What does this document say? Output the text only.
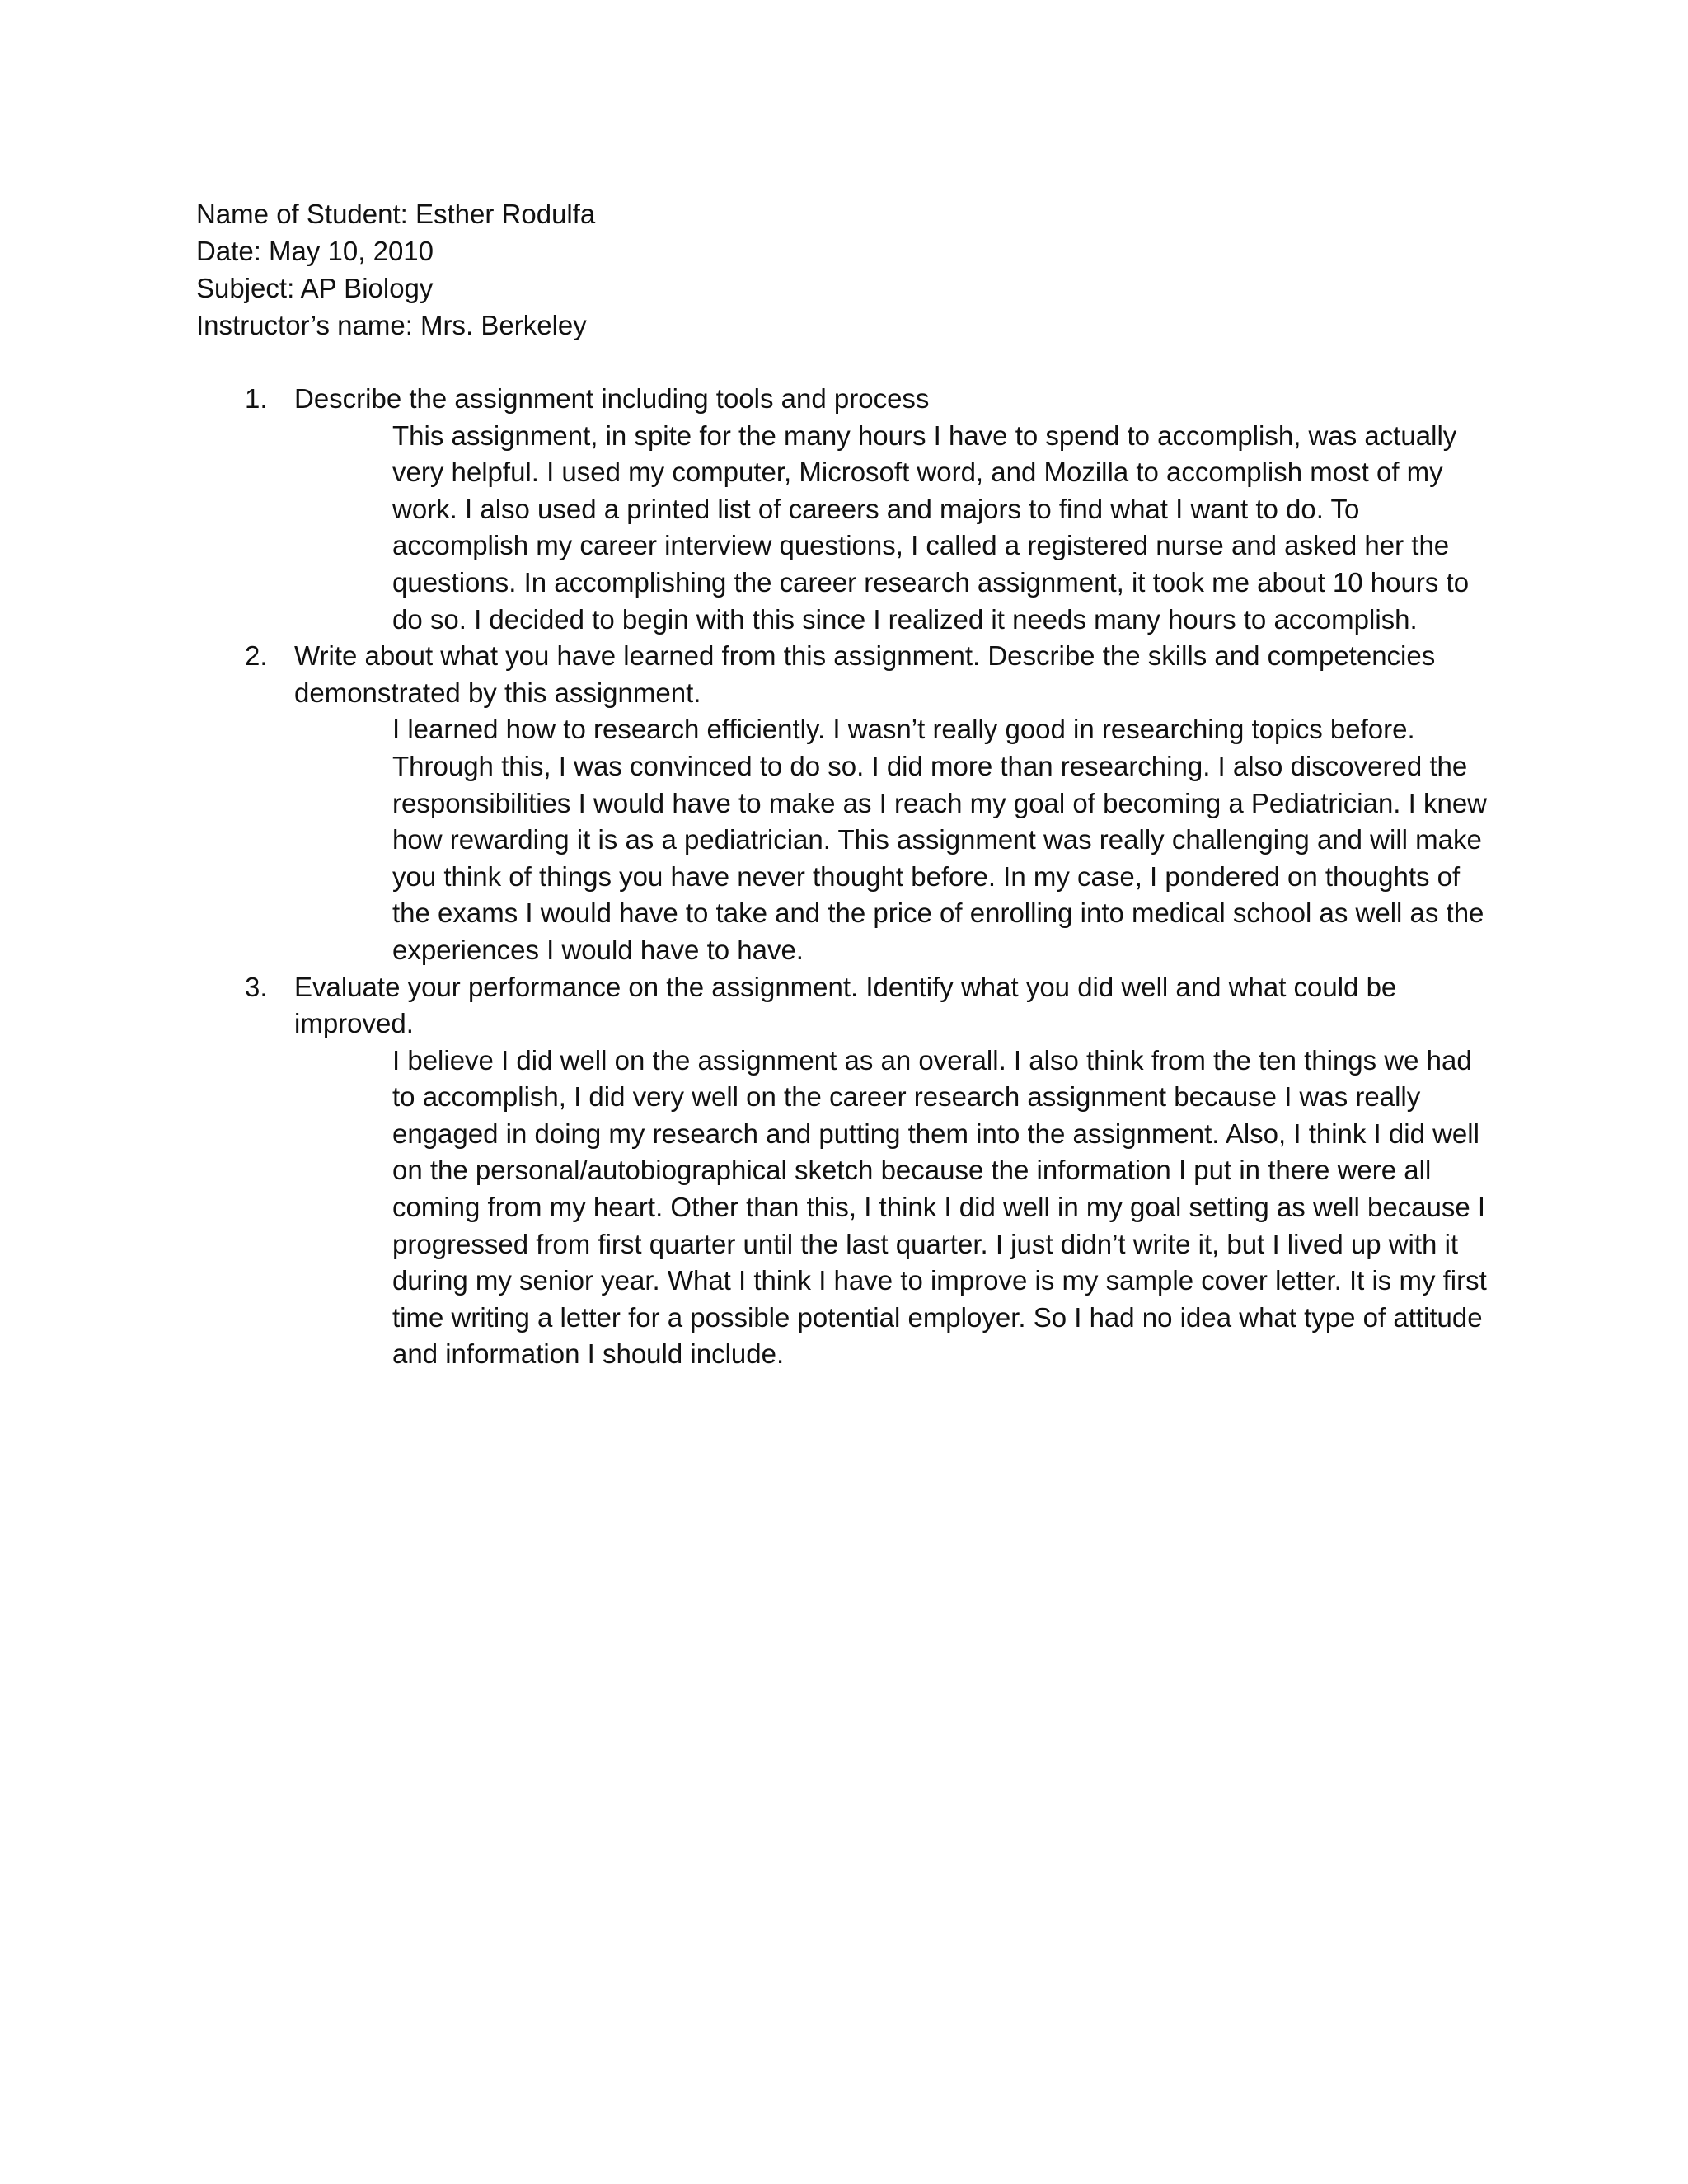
Name of Student: Esther Rodulfa
Date: May 10, 2010
Subject: AP Biology
Instructor’s name: Mrs. Berkeley
1. Describe the assignment including tools and process
This assignment, in spite for the many hours I have to spend to accomplish, was actually very helpful. I used my computer, Microsoft word, and Mozilla to accomplish most of my work. I also used a printed list of careers and majors to find what I want to do. To accomplish my career interview questions, I called a registered nurse and asked her the questions. In accomplishing the career research assignment, it took me about 10 hours to do so. I decided to begin with this since I realized it needs many hours to accomplish.
2. Write about what you have learned from this assignment. Describe the skills and competencies demonstrated by this assignment.
I learned how to research efficiently. I wasn’t really good in researching topics before. Through this, I was convinced to do so. I did more than researching. I also discovered the responsibilities I would have to make as I reach my goal of becoming a Pediatrician. I knew how rewarding it is as a pediatrician. This assignment was really challenging and will make you think of things you have never thought before. In my case, I pondered on thoughts of the exams I would have to take and the price of enrolling into medical school as well as the experiences I would have to have.
3. Evaluate your performance on the assignment. Identify what you did well and what could be improved.
I believe I did well on the assignment as an overall. I also think from the ten things we had to accomplish, I did very well on the career research assignment because I was really engaged in doing my research and putting them into the assignment. Also, I think I did well on the personal/autobiographical sketch because the information I put in there were all coming from my heart. Other than this, I think I did well in my goal setting as well because I progressed from first quarter until the last quarter. I just didn’t write it, but I lived up with it during my senior year. What I think I have to improve is my sample cover letter. It is my first time writing a letter for a possible potential employer. So I had no idea what type of attitude and information I should include.
